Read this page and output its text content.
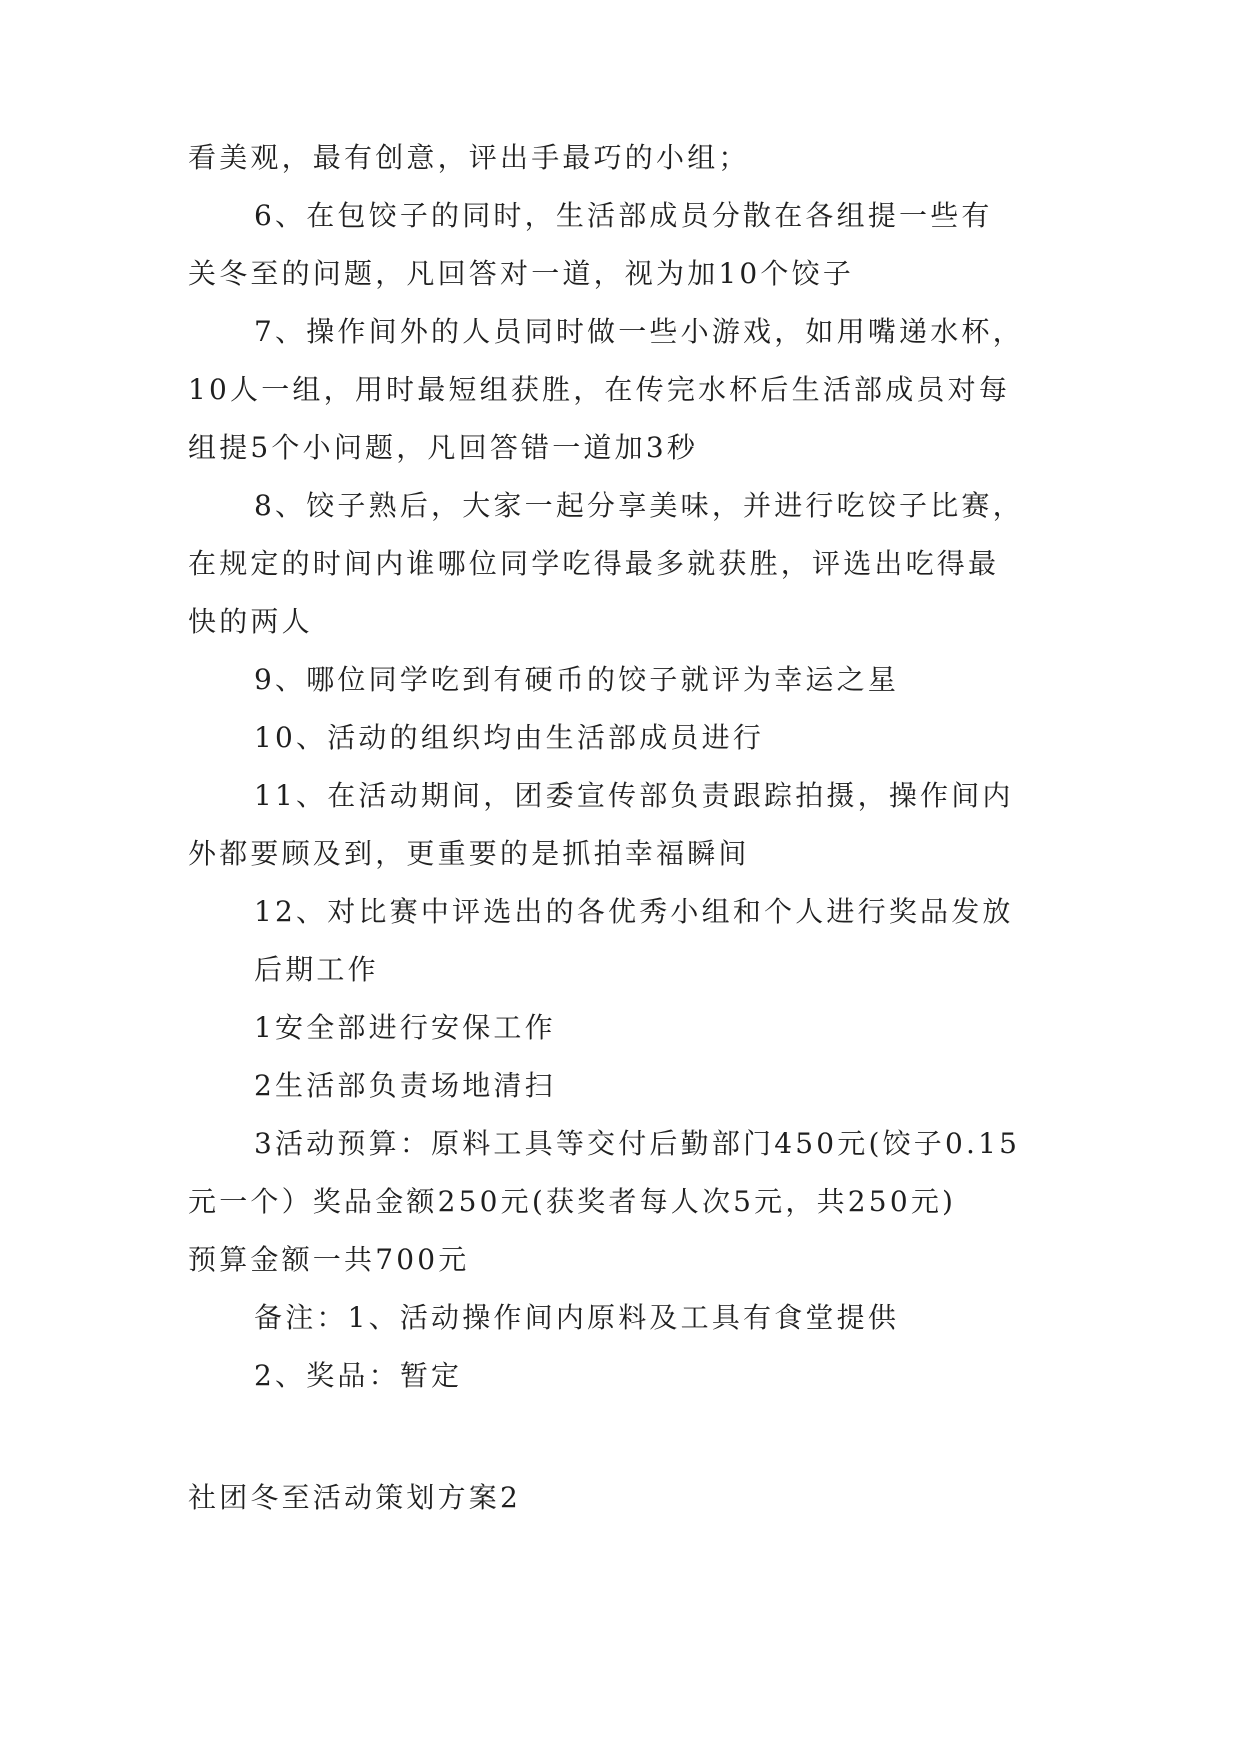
看美观，最有创意，评出手最巧的小组；
6、在包饺子的同时，生活部成员分散在各组提一些有
关冬至的问题，凡回答对一道，视为加10个饺子
7、操作间外的人员同时做一些小游戏，如用嘴递水杯，
10人一组，用时最短组获胜，在传完水杯后生活部成员对每
组提5个小问题，凡回答错一道加3秒
8、饺子熟后，大家一起分享美味，并进行吃饺子比赛，
在规定的时间内谁哪位同学吃得最多就获胜，评选出吃得最
快的两人
9、哪位同学吃到有硬币的饺子就评为幸运之星
10、活动的组织均由生活部成员进行
11、在活动期间，团委宣传部负责跟踪拍摄，操作间内
外都要顾及到，更重要的是抓拍幸福瞬间
12、对比赛中评选出的各优秀小组和个人进行奖品发放
后期工作
1安全部进行安保工作
2生活部负责场地清扫
3活动预算：原料工具等交付后勤部门450元(饺子0.15
元一个）奖品金额250元(获奖者每人次5元，共250元)
预算金额一共700元
备注：1、活动操作间内原料及工具有食堂提供
2、奖品：暂定
社团冬至活动策划方案2
